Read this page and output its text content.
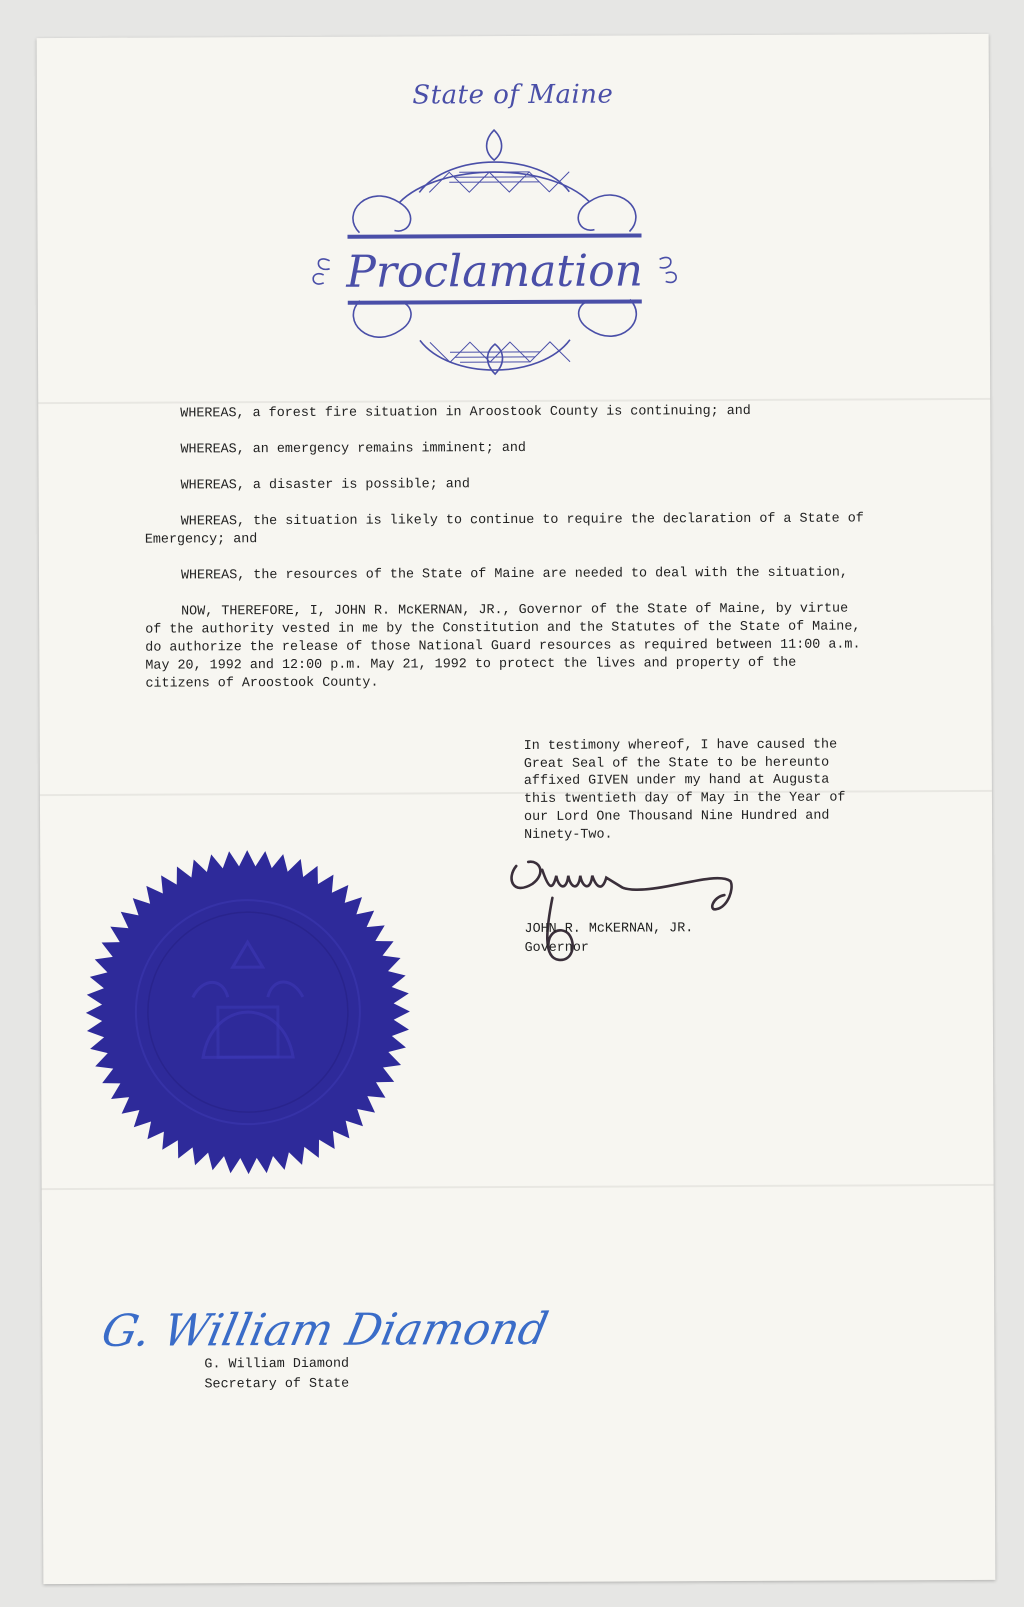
State of Maine
Proclamation

WHEREAS, a forest fire situation in Aroostook County is continuing; and

WHEREAS, an emergency remains imminent; and

WHEREAS, a disaster is possible; and

WHEREAS, the situation is likely to continue to require the declaration of a State of Emergency; and

WHEREAS, the resources of the State of Maine are needed to deal with the situation,

NOW, THEREFORE, I, JOHN R. McKERNAN, JR., Governor of the State of Maine, by virtue of the authority vested in me by the Constitution and the Statutes of the State of Maine, do authorize the release of those National Guard resources as required between 11:00 a.m. May 20, 1992 and 12:00 p.m. May 21, 1992 to protect the lives and property of the citizens of Aroostook County.

In testimony whereof, I have caused the Great Seal of the State to be hereunto affixed GIVEN under my hand at Augusta this twentieth day of May in the Year of our Lord One Thousand Nine Hundred and Ninety-Two.
JOHN R. McKERNAN, JR.
Governor
G. William Diamond
G. William Diamond
Secretary of State
